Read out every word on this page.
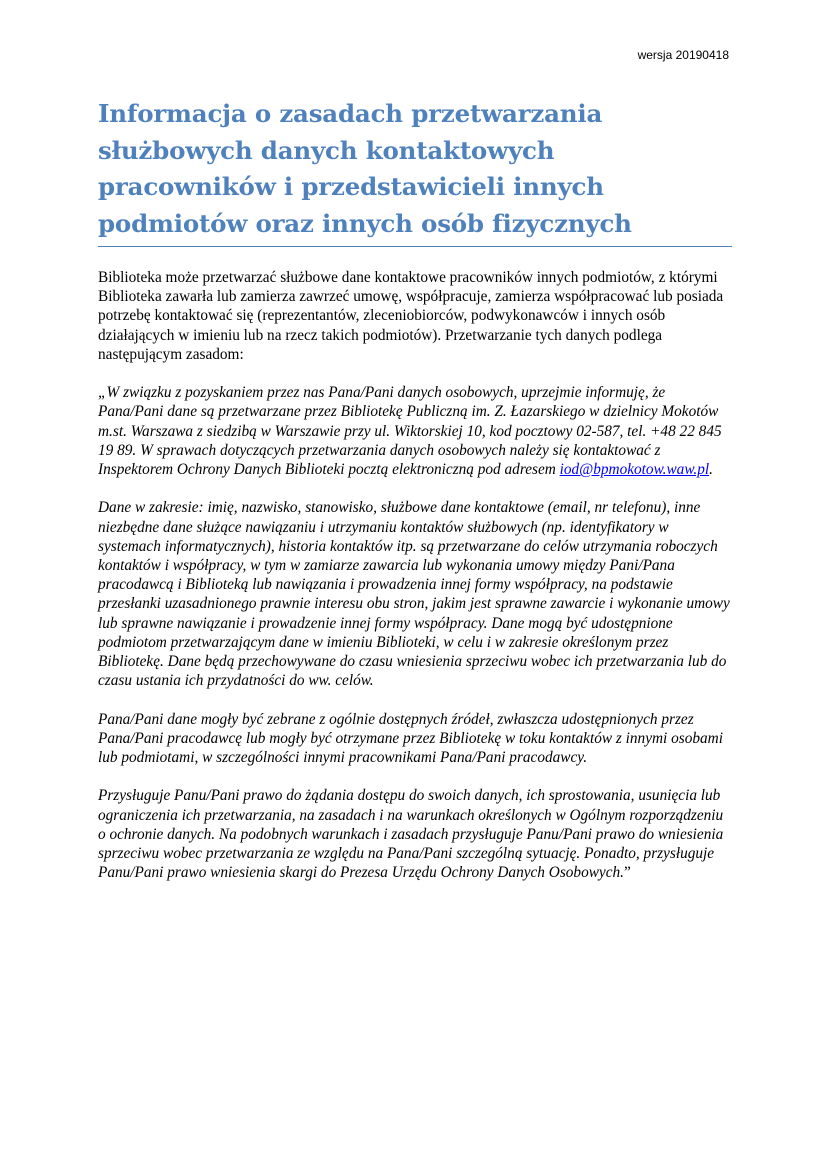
wersja 20190418
Informacja o zasadach przetwarzania służbowych danych kontaktowych pracowników i przedstawicieli innych podmiotów oraz innych osób fizycznych

Biblioteka może przetwarzać służbowe dane kontaktowe pracowników innych podmiotów, z którymi Biblioteka zawarła lub zamierza zawrzeć umowę, współpracuje, zamierza współpracować lub posiada potrzebę kontaktować się (reprezentantów, zleceniobiorców, podwykonawców i innych osób działających w imieniu lub na rzecz takich podmiotów). Przetwarzanie tych danych podlega następującym zasadom:

„W związku z pozyskaniem przez nas Pana/Pani danych osobowych, uprzejmie informuję, że Pana/Pani dane są przetwarzane przez Bibliotekę Publiczną im. Z. Łazarskiego w dzielnicy Mokotów m.st. Warszawa z siedzibą w Warszawie przy ul. Wiktorskiej 10, kod pocztowy 02-587, tel. +48 22 845 19 89. W sprawach dotyczących przetwarzania danych osobowych należy się kontaktować z Inspektorem Ochrony Danych Biblioteki pocztą elektroniczną pod adresem iod@bpmokotow.waw.pl.

Dane w zakresie: imię, nazwisko, stanowisko, służbowe dane kontaktowe (email, nr telefonu), inne niezbędne dane służące nawiązaniu i utrzymaniu kontaktów służbowych (np. identyfikatory w systemach informatycznych), historia kontaktów itp. są przetwarzane do celów utrzymania roboczych kontaktów i współpracy, w tym w zamiarze zawarcia lub wykonania umowy między Pani/Pana pracodawcą i Biblioteką lub nawiązania i prowadzenia innej formy współpracy, na podstawie przesłanki uzasadnionego prawnie interesu obu stron, jakim jest sprawne zawarcie i wykonanie umowy lub sprawne nawiązanie i prowadzenie innej formy współpracy. Dane mogą być udostępnione podmiotom przetwarzającym dane w imieniu Biblioteki, w celu i w zakresie określonym przez Bibliotekę. Dane będą przechowywane do czasu wniesienia sprzeciwu wobec ich przetwarzania lub do czasu ustania ich przydatności do ww. celów.

Pana/Pani dane mogły być zebrane z ogólnie dostępnych źródeł, zwłaszcza udostępnionych przez Pana/Pani pracodawcę lub mogły być otrzymane przez Bibliotekę w toku kontaktów z innymi osobami lub podmiotami, w szczególności innymi pracownikami Pana/Pani pracodawcy.

Przysługuje Panu/Pani prawo do żądania dostępu do swoich danych, ich sprostowania, usunięcia lub ograniczenia ich przetwarzania, na zasadach i na warunkach określonych w Ogólnym rozporządzeniu o ochronie danych. Na podobnych warunkach i zasadach przysługuje Panu/Pani prawo do wniesienia sprzeciwu wobec przetwarzania ze względu na Pana/Pani szczególną sytuację. Ponadto, przysługuje Panu/Pani prawo wniesienia skargi do Prezesa Urzędu Ochrony Danych Osobowych.”
